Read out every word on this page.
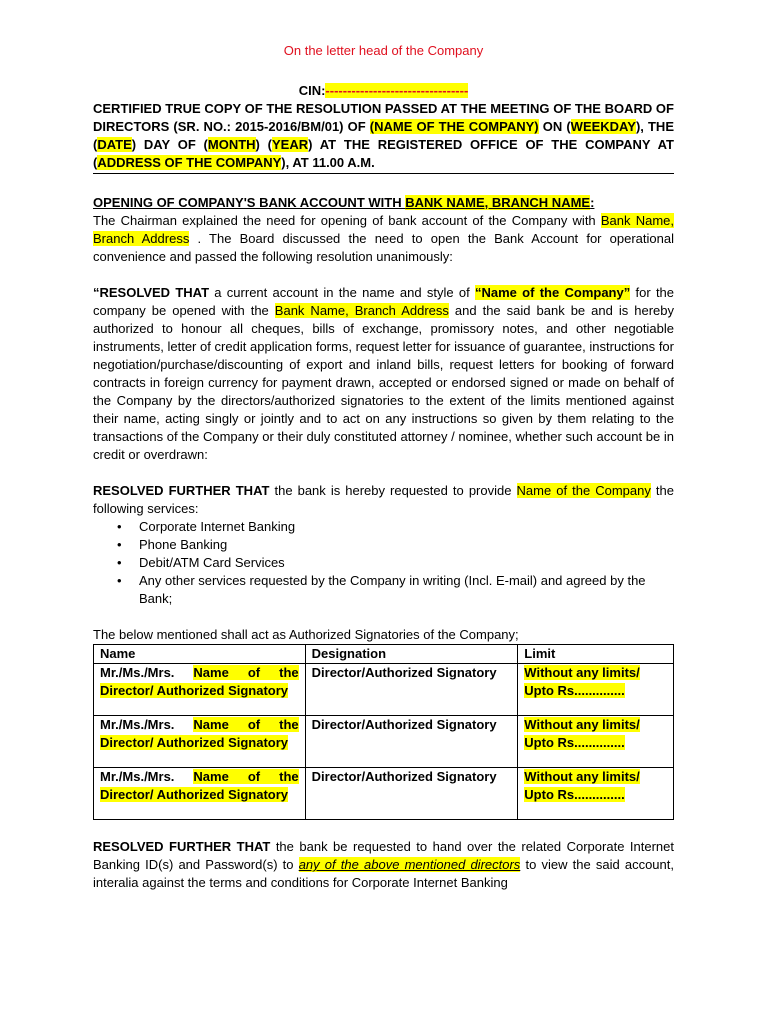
On the letter head of the Company

CIN:---------------------------------

CERTIFIED TRUE COPY OF THE RESOLUTION PASSED AT THE MEETING OF THE BOARD OF DIRECTORS (SR. NO.: 2015-2016/BM/01) OF (NAME OF THE COMPANY) ON (WEEKDAY), THE (DATE) DAY OF (MONTH) (YEAR) AT THE REGISTERED OFFICE OF THE COMPANY AT (ADDRESS OF THE COMPANY), AT 11.00 A.M.

OPENING OF COMPANY'S BANK ACCOUNT WITH BANK NAME, BRANCH NAME:

The Chairman explained the need for opening of bank account of the Company with Bank Name, Branch Address . The Board discussed the need to open the Bank Account for operational convenience and passed the following resolution unanimously:

“RESOLVED THAT a current account in the name and style of “Name of the Company” for the company be opened with the Bank Name, Branch Address and the said bank be and is hereby authorized to honour all cheques, bills of exchange, promissory notes, and other negotiable instruments, letter of credit application forms, request letter for issuance of guarantee, instructions for negotiation/purchase/discounting of export and inland bills, request letters for booking of forward contracts in foreign currency for payment drawn, accepted or endorsed signed or made on behalf of the Company by the directors/authorized signatories to the extent of the limits mentioned against their name, acting singly or jointly and to act on any instructions so given by them relating to the transactions of the Company or their duly constituted attorney / nominee, whether such account be in credit or overdrawn:

RESOLVED FURTHER THAT the bank is hereby requested to provide Name of the Company the following services:

• Corporate Internet Banking
• Phone Banking
• Debit/ATM Card Services
• Any other services requested by the Company in writing (Incl. E-mail) and agreed by the Bank;

The below mentioned shall act as Authorized Signatories of the Company;

Name	Designation	Limit
Mr./Ms./Mrs. Name of the Director/ Authorized Signatory	Director/Authorized Signatory	Without any limits/ Upto Rs..............
Mr./Ms./Mrs. Name of the Director/ Authorized Signatory	Director/Authorized Signatory	Without any limits/ Upto Rs..............
Mr./Ms./Mrs. Name of the Director/ Authorized Signatory	Director/Authorized Signatory	Without any limits/ Upto Rs..............

RESOLVED FURTHER THAT the bank be requested to hand over the related Corporate Internet Banking ID(s) and Password(s) to any of the above mentioned directors to view the said account, interalia against the terms and conditions for Corporate Internet Banking
